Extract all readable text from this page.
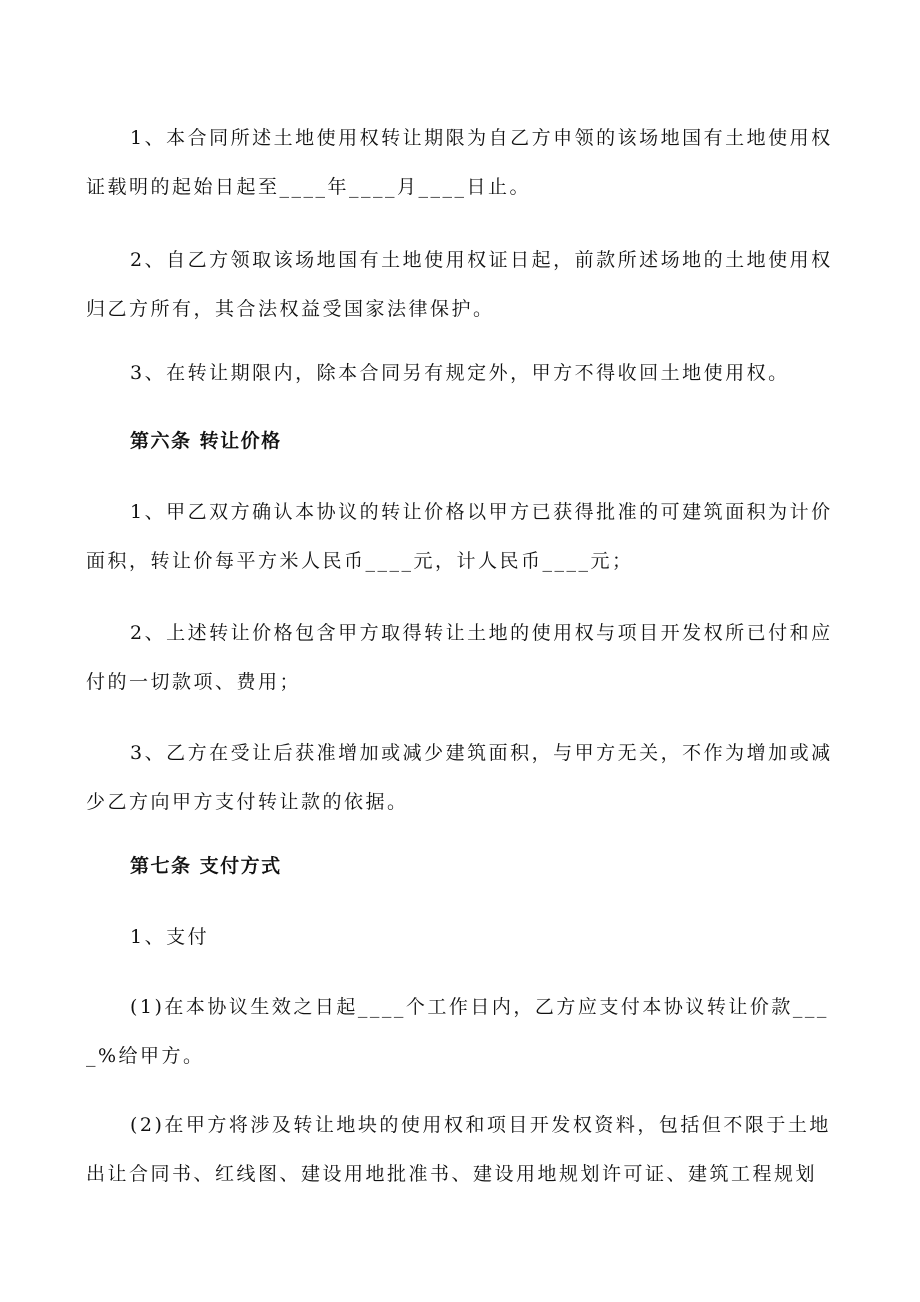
1、本合同所述土地使用权转让期限为自乙方申领的该场地国有土地使用权证载明的起始日起至____年____月____日止。

2、自乙方领取该场地国有土地使用权证日起，前款所述场地的土地使用权归乙方所有，其合法权益受国家法律保护。

3、在转让期限内，除本合同另有规定外，甲方不得收回土地使用权。

第六条 转让价格

1、甲乙双方确认本协议的转让价格以甲方已获得批准的可建筑面积为计价面积，转让价每平方米人民币____元，计人民币____元；

2、上述转让价格包含甲方取得转让土地的使用权与项目开发权所已付和应付的一切款项、费用；

3、乙方在受让后获准增加或减少建筑面积，与甲方无关，不作为增加或减少乙方向甲方支付转让款的依据。

第七条 支付方式

1、支付

(1)在本协议生效之日起____个工作日内，乙方应支付本协议转让价款____%给甲方。

(2)在甲方将涉及转让地块的使用权和项目开发权资料，包括但不限于土地出让合同书、红线图、建设用地批准书、建设用地规划许可证、建筑工程规划
